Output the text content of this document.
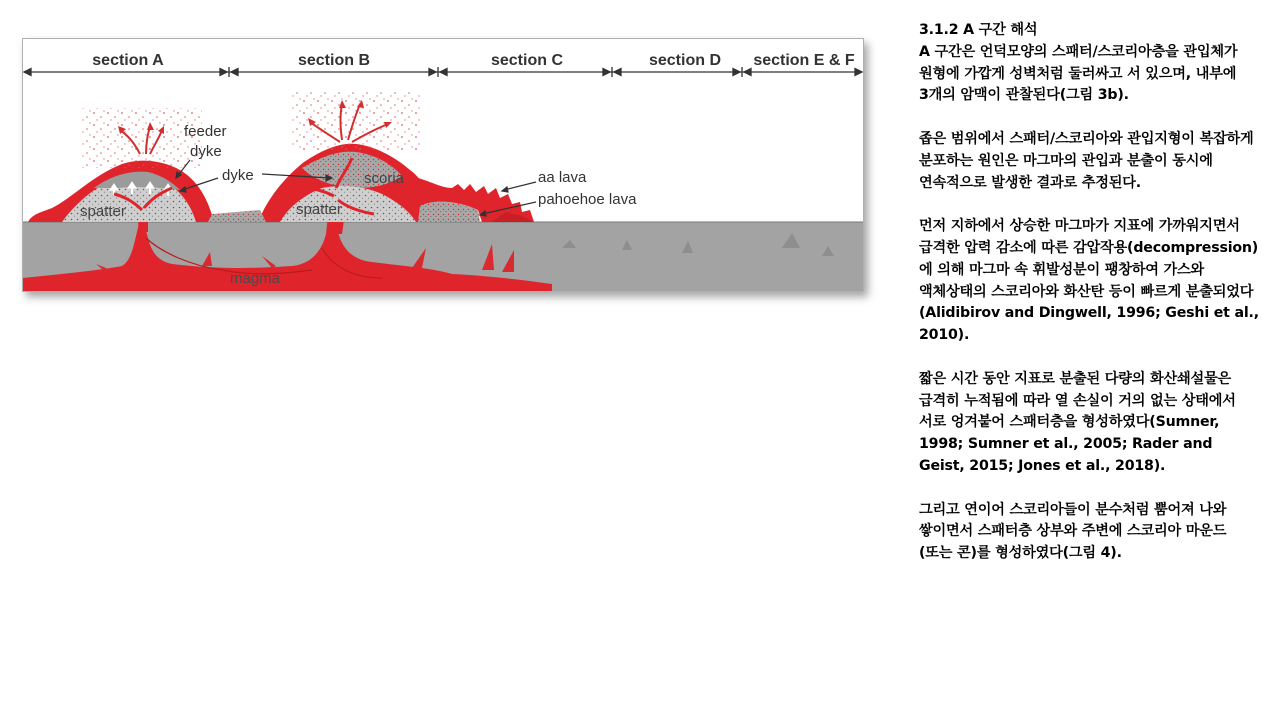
section A	section B	section C	section D section E & F
feeder
dyke
dyke	scoria
spatter	spatter
aa lava
pahoehoe lava
magma

3.1.2 A 구간 해석

A 구간은 언덕모양의 스패터/스코리아층을 관입체가 원형에 가깝게 성벽처럼 둘러싸고 서 있으며, 내부에 3개의 암맥이 관찰된다(그림 3b).

좁은 범위에서 스패터/스코리아와 관입지형이 복잡하게 분포하는 원인은 마그마의 관입과 분출이 동시에 연속적으로 발생한 결과로 추정된다.

먼저 지하에서 상승한 마그마가 지표에 가까워지면서 급격한 압력 감소에 따른 감압작용(decompression)에 의해 마그마 속 휘발성분이 팽창하여 가스와 액체상태의 스코리아와 화산탄 등이 빠르게 분출되었다(Alidibirov and Dingwell, 1996; Geshi et al., 2010).

짧은 시간 동안 지표로 분출된 다량의 화산쇄설물은 급격히 누적됨에 따라 열 손실이 거의 없는 상태에서 서로 엉겨붙어 스패터층을 형성하였다(Sumner, 1998; Sumner et al., 2005; Rader and Geist, 2015; Jones et al., 2018).

그리고 연이어 스코리아들이 분수처럼 뿜어져 나와 쌓이면서 스패터층 상부와 주변에 스코리아 마운드(또는 콘)를 형성하였다(그림 4).
